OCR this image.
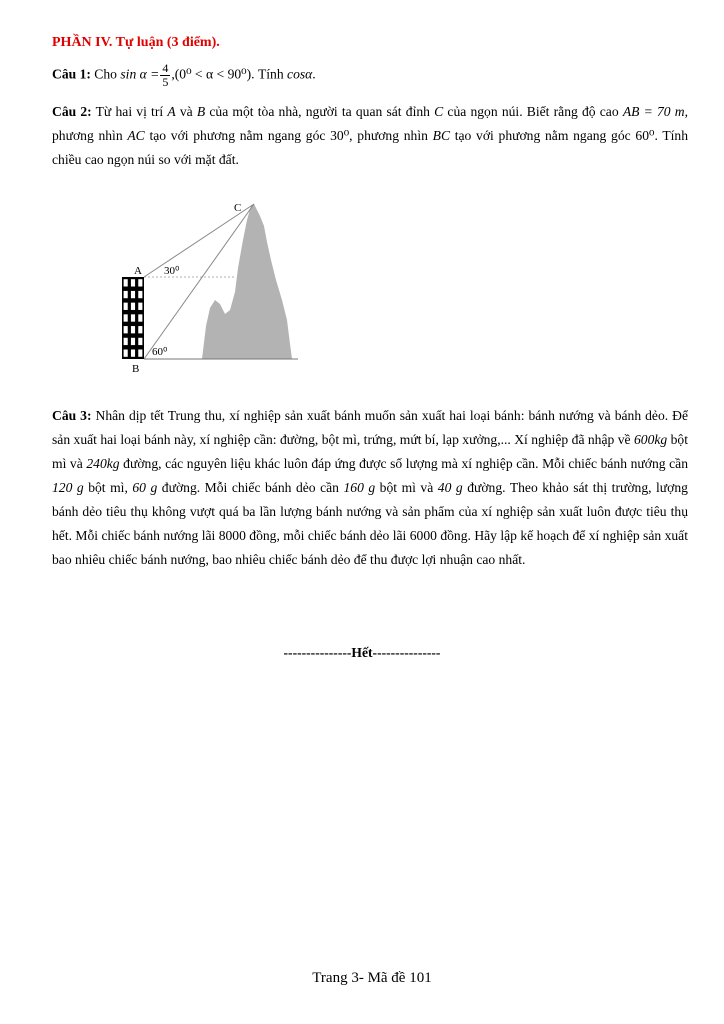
PHẦN IV. Tự luận (3 điểm).
Câu 1: Cho $\sin \alpha = \frac{4}{5} ,(0^0 < \alpha < 90^0)$. Tính cosα.
Câu 2: Từ hai vị trí A và B của một tòa nhà, người ta quan sát đỉnh C của ngọn núi. Biết rằng độ cao AB = 70 m, phương nhìn AC tạo với phương nằm ngang góc 30⁰, phương nhìn BC tạo với phương nằm ngang góc 60⁰. Tính chiều cao ngọn núi so với mặt đất.
C
A
B
30⁰
60⁰
Câu 3: Nhân dịp tết Trung thu, xí nghiệp sản xuất bánh muốn sản xuất hai loại bánh: bánh nướng và bánh dẻo. Để sản xuất hai loại bánh này, xí nghiệp cần: đường, bột mì, trứng, mứt bí, lạp xưởng,... Xí nghiệp đã nhập về 600kg bột mì và 240kg đường, các nguyên liệu khác luôn đáp ứng được số lượng mà xí nghiệp cần. Mỗi chiếc bánh nướng cần 120 g bột mì, 60 g đường. Mỗi chiếc bánh dẻo cần 160 g bột mì và 40 g đường. Theo khảo sát thị trường, lượng bánh dẻo tiêu thụ không vượt quá ba lần lượng bánh nướng và sản phẩm của xí nghiệp sản xuất luôn được tiêu thụ hết. Mỗi chiếc bánh nướng lãi 8000 đồng, mỗi chiếc bánh dẻo lãi 6000 đồng. Hãy lập kế hoạch để xí nghiệp sản xuất bao nhiêu chiếc bánh nướng, bao nhiêu chiếc bánh dẻo để thu được lợi nhuận cao nhất.
---------------Hết---------------
Trang 3- Mã đề 101
